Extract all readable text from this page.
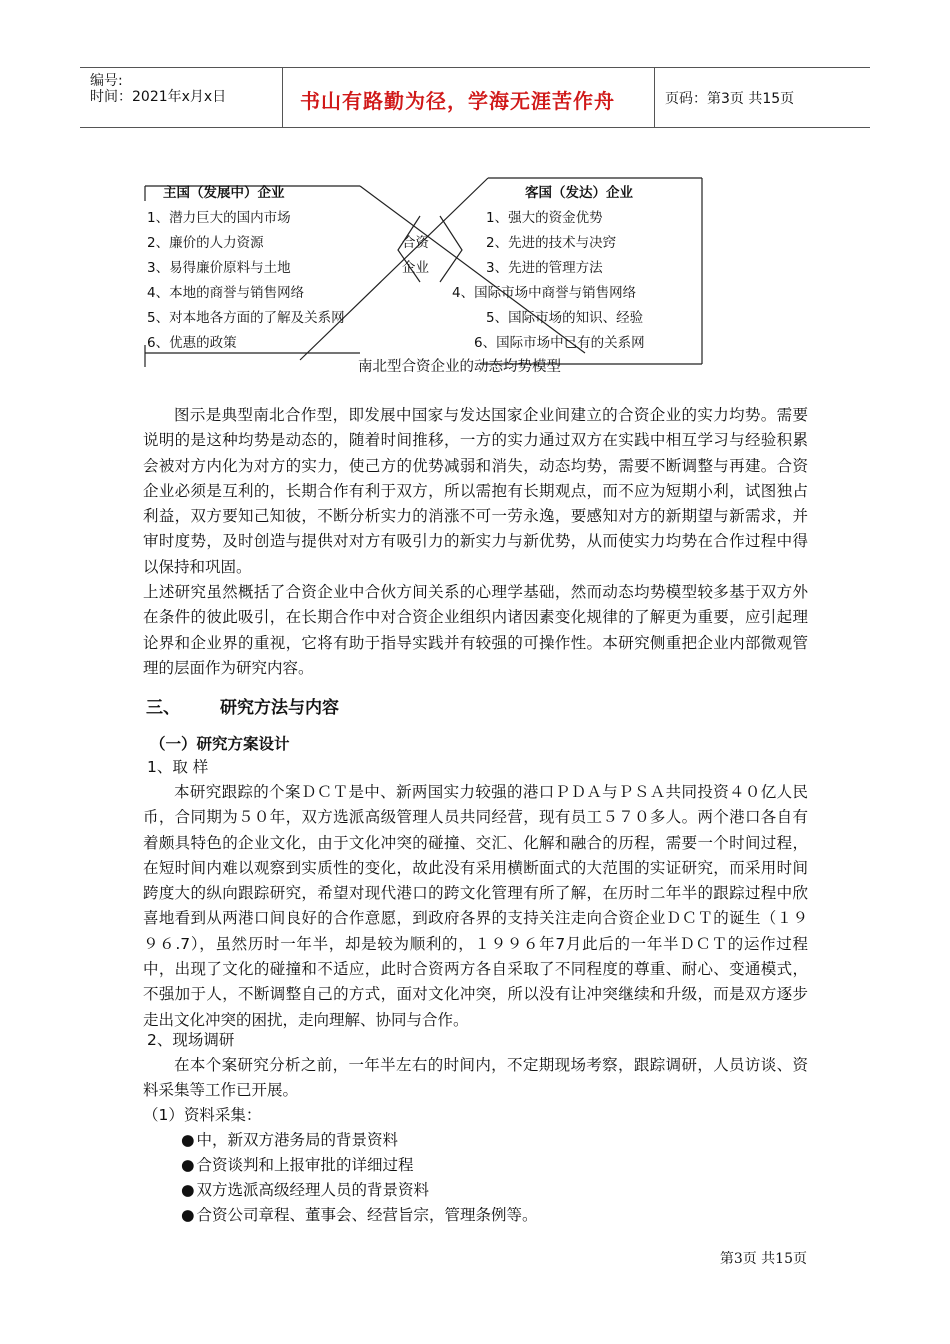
编号:
时间：2021年x月x日	书山有路勤为径，学海无涯苦作舟	页码：第3页 共15页
主国（发展中）企业
1、潜力巨大的国内市场
2、廉价的人力资源
3、易得廉价原料与土地
4、本地的商誉与销售网络
5、对本地各方面的了解及关系网
6、优惠的政策
客国（发达）企业
1、强大的资金优势
2、先进的技术与决窍
3、先进的管理方法
4、国际市场中商誉与销售网络
5、国际市场的知识、经验
6、国际市场中已有的关系网
合资
企业
南北型合资企业的动态均势模型
图示是典型南北合作型，即发展中国家与发达国家企业间建立的合资企业的实力均势。需要说明的是这种均势是动态的，随着时间推移，一方的实力通过双方在实践中相互学习与经验积累会被对方内化为对方的实力，使己方的优势减弱和消失，动态均势，需要不断调整与再建。合资企业必须是互利的，长期合作有利于双方，所以需抱有长期观点，而不应为短期小利，试图独占利益，双方要知己知彼，不断分析实力的消涨不可一劳永逸，要感知对方的新期望与新需求，并审时度势，及时创造与提供对对方有吸引力的新实力与新优势，从而使实力均势在合作过程中得以保持和巩固。
上述研究虽然概括了合资企业中合伙方间关系的心理学基础，然而动态均势模型较多基于双方外在条件的彼此吸引，在长期合作中对合资企业组织内诸因素变化规律的了解更为重要，应引起理论界和企业界的重视，它将有助于指导实践并有较强的可操作性。本研究侧重把企业内部微观管理的层面作为研究内容。
三、 研究方法与内容
（一）研究方案设计
1、取 样
本研究跟踪的个案ＤＣＴ是中、新两国实力较强的港口ＰＤＡ与ＰＳＡ共同投资４０亿人民币，合同期为５０年，双方选派高级管理人员共同经营，现有员工５７０多人。两个港口各自有着颇具特色的企业文化，由于文化冲突的碰撞、交汇、化解和融合的历程，需要一个时间过程，在短时间内难以观察到实质性的变化，故此没有采用横断面式的大范围的实证研究，而采用时间跨度大的纵向跟踪研究，希望对现代港口的跨文化管理有所了解，在历时二年半的跟踪过程中欣喜地看到从两港口间良好的合作意愿，到政府各界的支持关注走向合资企业ＤＣＴ的诞生（１９９６.7），虽然历时一年半，却是较为顺利的，１９９６年7月此后的一年半ＤＣＴ的运作过程中，出现了文化的碰撞和不适应，此时合资两方各自采取了不同程度的尊重、耐心、变通模式，不强加于人，不断调整自己的方式，面对文化冲突，所以没有让冲突继续和升级，而是双方逐步走出文化冲突的困扰，走向理解、协同与合作。
2、现场调研
在本个案研究分析之前，一年半左右的时间内，不定期现场考察，跟踪调研，人员访谈、资料采集等工作已开展。
（1）资料采集：
● 中，新双方港务局的背景资料
● 合资谈判和上报审批的详细过程
● 双方选派高级经理人员的背景资料
● 合资公司章程、董事会、经营旨宗，管理条例等。
第3页 共15页
